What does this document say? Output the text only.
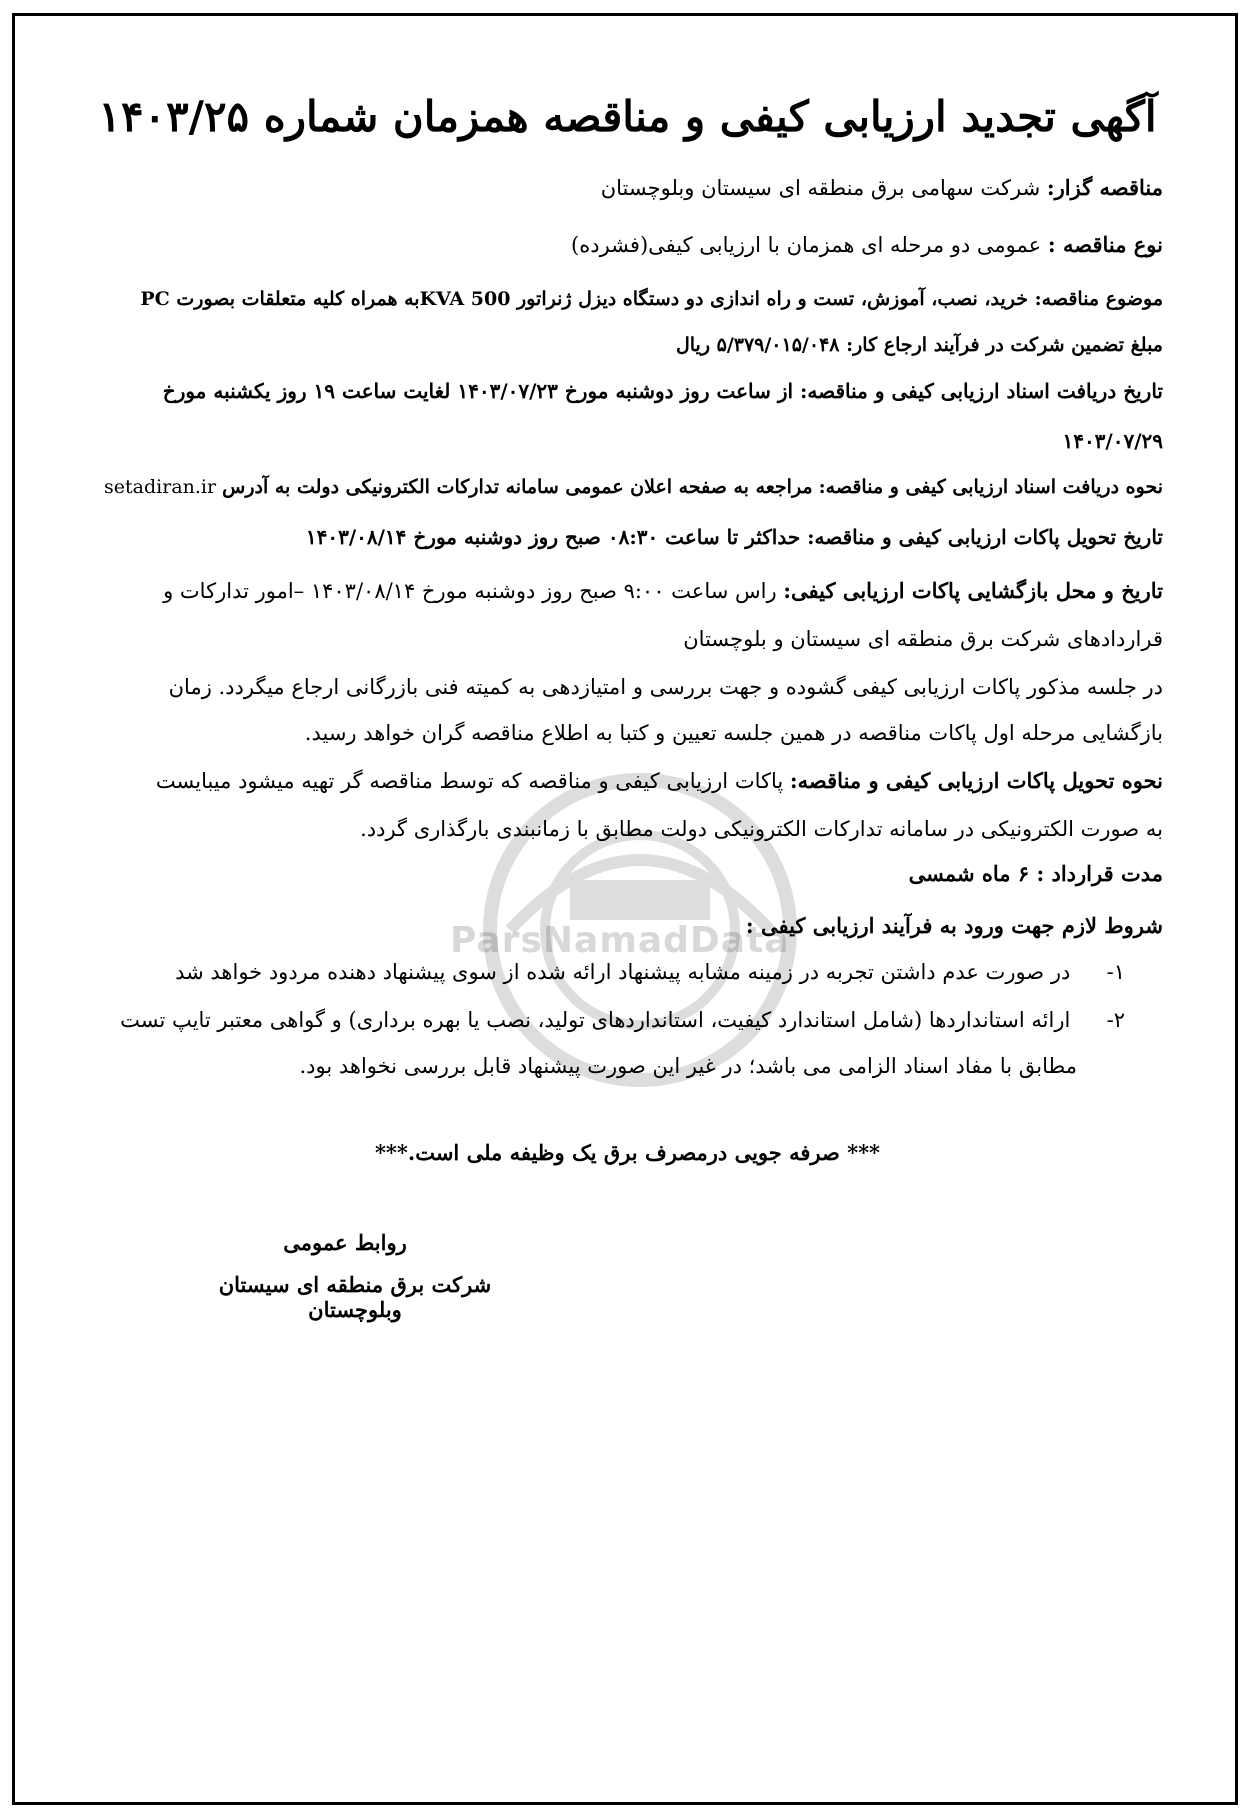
ParsNamadData
آگهی تجدید ارزیابی کیفی و مناقصه همزمان شماره ۱۴۰۳/۲۵
مناقصه گزار: شرکت سهامی برق منطقه ای سیستان وبلوچستان
نوع مناقصه : عمومی دو مرحله ای همزمان با ارزیابی کیفی(فشرده)
موضوع مناقصه: خرید، نصب، آموزش، تست و راه اندازی دو دستگاه دیزل ژنراتور 500 KVAبه همراه کلیه متعلقات بصورت PC
مبلغ تضمین شرکت در فرآیند ارجاع کار: ۵/۳۷۹/۰۱۵/۰۴۸ ریال
تاریخ دریافت اسناد ارزیابی کیفی و مناقصه: از ساعت روز دوشنبه مورخ ۱۴۰۳/۰۷/۲۳ لغایت ساعت ۱۹ روز یکشنبه مورخ
۱۴۰۳/۰۷/۲۹
نحوه دریافت اسناد ارزیابی کیفی و مناقصه: مراجعه به صفحه اعلان عمومی سامانه تدارکات الکترونیکی دولت به آدرس setadiran.ir
تاریخ تحویل پاکات ارزیابی کیفی و مناقصه: حداکثر تا ساعت ۰۸:۳۰ صبح روز دوشنبه مورخ ۱۴۰۳/۰۸/۱۴
تاریخ و محل بازگشایی پاکات ارزیابی کیفی: راس ساعت ۹:۰۰ صبح روز دوشنبه مورخ ۱۴۰۳/۰۸/۱۴ –امور تدارکات و
قراردادهای شرکت برق منطقه ای سیستان و بلوچستان
در جلسه مذکور پاکات ارزیابی کیفی گشوده و جهت بررسی و امتیازدهی به کمیته فنی بازرگانی ارجاع میگردد. زمان
بازگشایی مرحله اول پاکات مناقصه در همین جلسه تعیین و کتبا به اطلاع مناقصه گران خواهد رسید.
نحوه تحویل پاکات ارزیابی کیفی و مناقصه: پاکات ارزیابی کیفی و مناقصه که توسط مناقصه گر تهیه میشود میبایست
به صورت الکترونیکی در سامانه تدارکات الکترونیکی دولت مطابق با زمانبندی بارگذاری گردد.
مدت قرارداد : ۶ ماه شمسی
شروط لازم جهت ورود به فرآیند ارزیابی کیفی :
۱- در صورت عدم داشتن تجربه در زمینه مشابه پیشنهاد ارائه شده از سوی پیشنهاد دهنده مردود خواهد شد
۲- ارائه استانداردها (شامل استاندارد کیفیت، استانداردهای تولید، نصب یا بهره برداری) و گواهی معتبر تایپ تست
مطابق با مفاد اسناد الزامی می باشد؛ در غیر این صورت پیشنهاد قابل بررسی نخواهد بود.
*** صرفه جویی درمصرف برق یک وظیفه ملی است.***
روابط عمومی
شرکت برق منطقه ای سیستان وبلوچستان
